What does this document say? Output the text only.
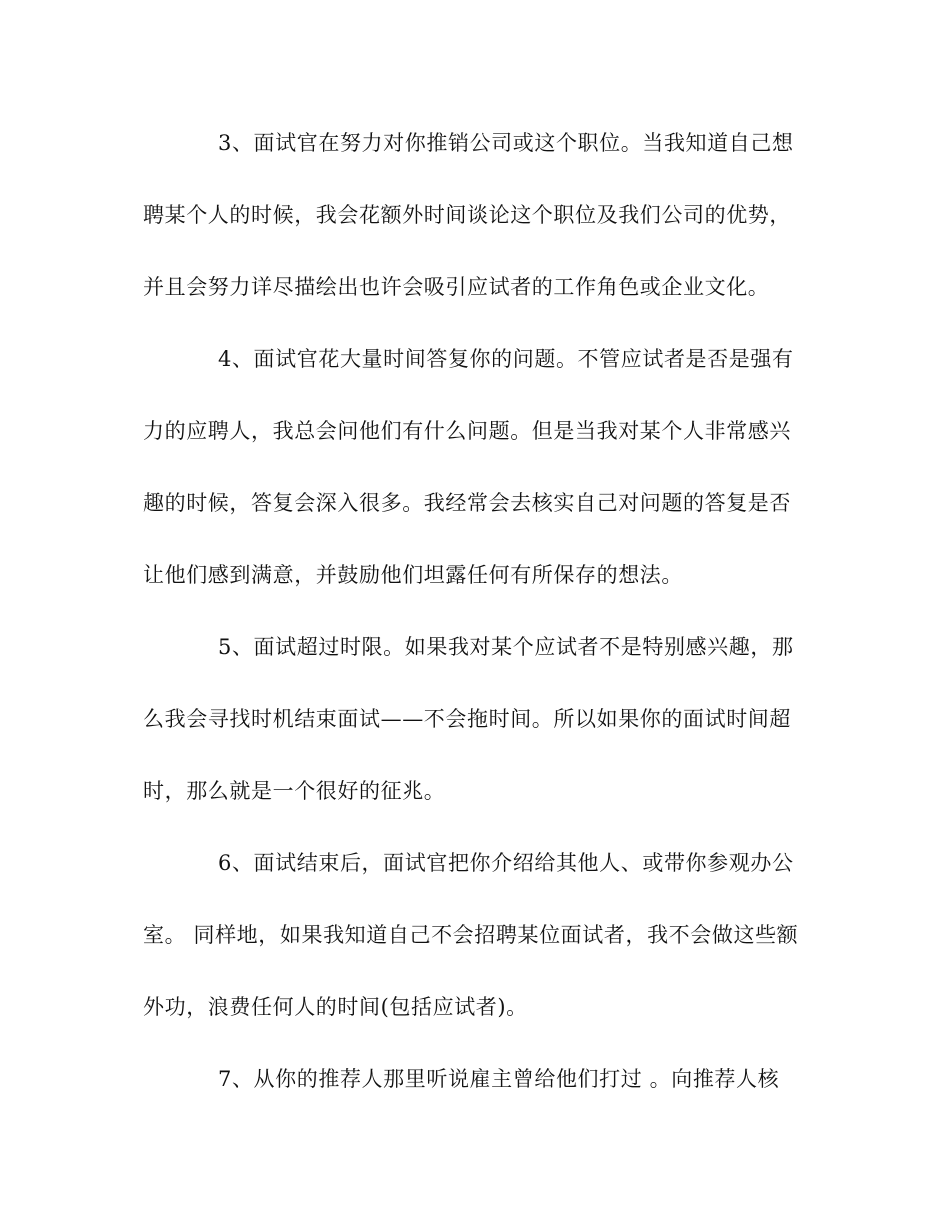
3、面试官在努力对你推销公司或这个职位。当我知道自己想
聘某个人的时候，我会花额外时间谈论这个职位及我们公司的优势，
并且会努力详尽描绘出也许会吸引应试者的工作角色或企业文化。
4、面试官花大量时间答复你的问题。不管应试者是否是强有
力的应聘人，我总会问他们有什么问题。但是当我对某个人非常感兴
趣的时候，答复会深入很多。我经常会去核实自己对问题的答复是否
让他们感到满意，并鼓励他们坦露任何有所保存的想法。
5、面试超过时限。如果我对某个应试者不是特别感兴趣，那
么我会寻找时机结束面试——不会拖时间。所以如果你的面试时间超
时，那么就是一个很好的征兆。
6、面试结束后，面试官把你介绍给其他人、或带你参观办公
室。 同样地，如果我知道自己不会招聘某位面试者，我不会做这些额
外功，浪费任何人的时间(包括应试者)。
7、从你的推荐人那里听说雇主曾给他们打过 。向推荐人核
